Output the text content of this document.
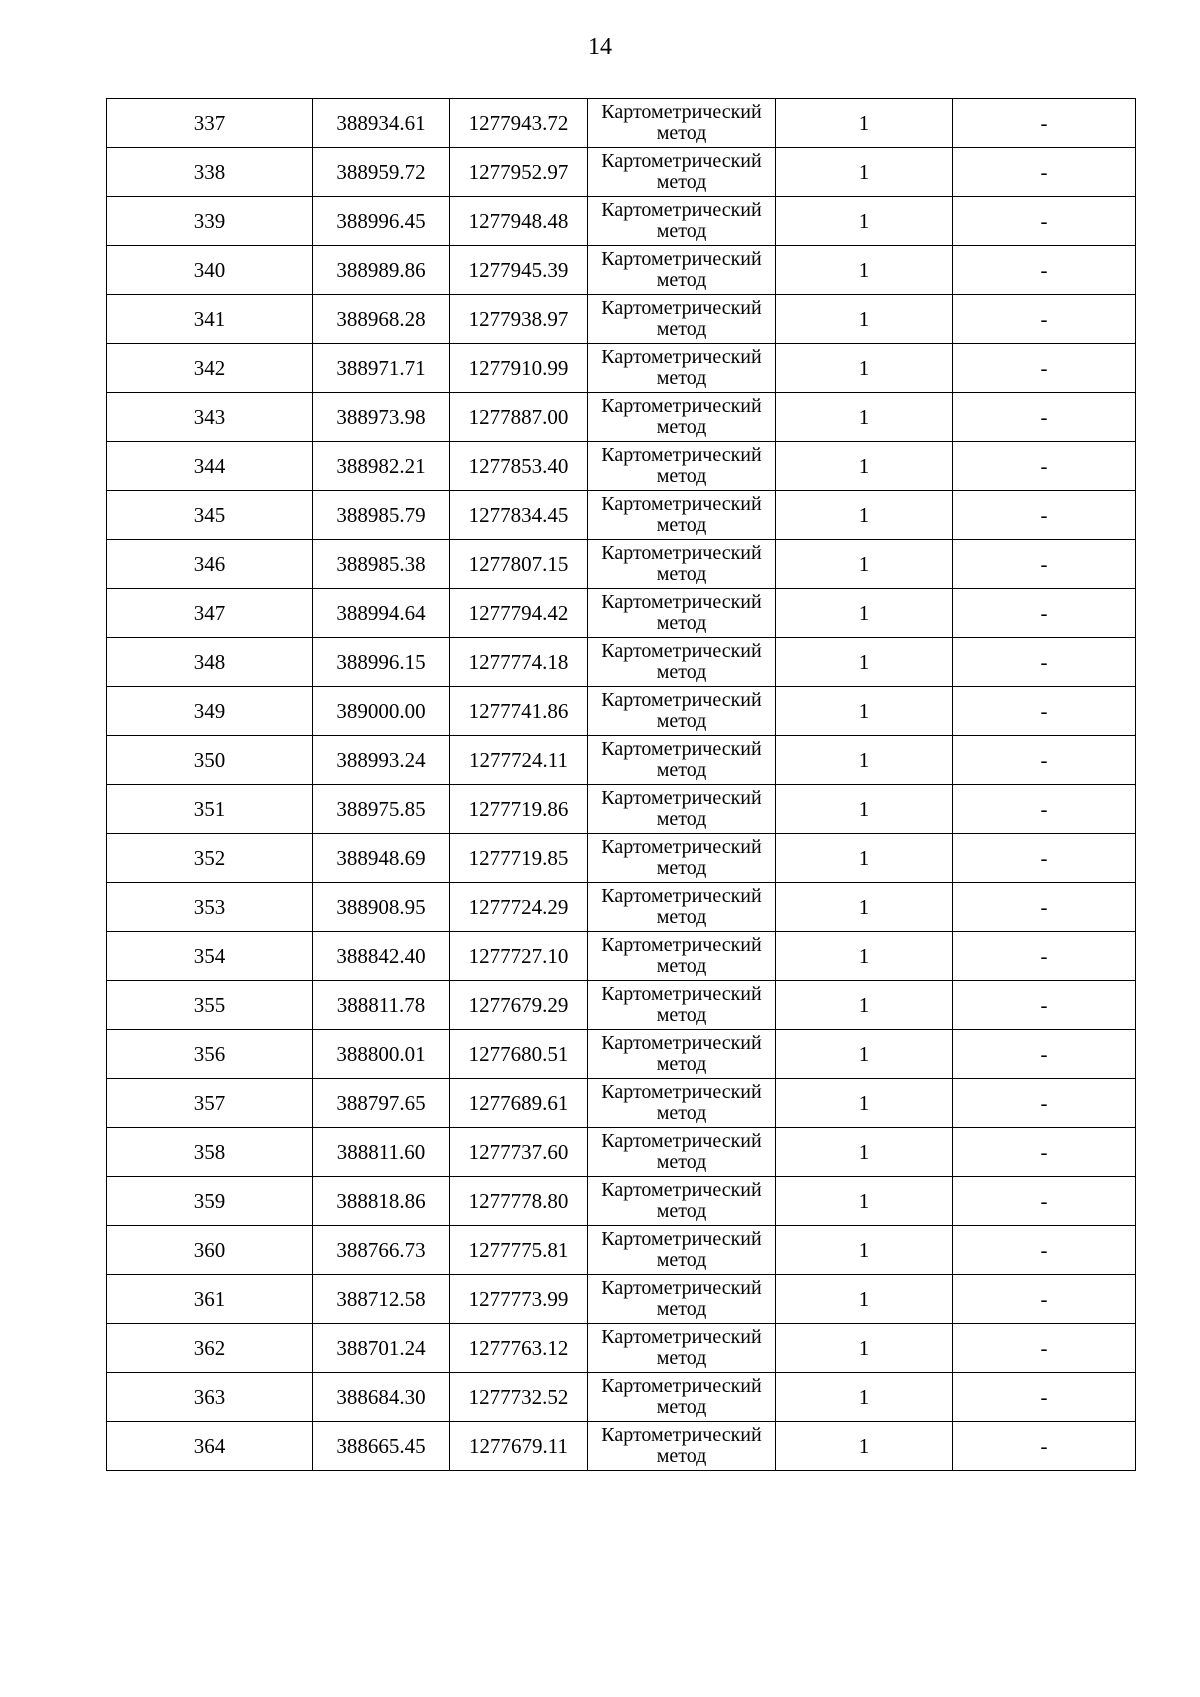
14
337	388934.61	1277943.72	Картометрический
метод	1	-
338	388959.72	1277952.97	Картометрический
метод	1	-
339	388996.45	1277948.48	Картометрический
метод	1	-
340	388989.86	1277945.39	Картометрический
метод	1	-
341	388968.28	1277938.97	Картометрический
метод	1	-
342	388971.71	1277910.99	Картометрический
метод	1	-
343	388973.98	1277887.00	Картометрический
метод	1	-
344	388982.21	1277853.40	Картометрический
метод	1	-
345	388985.79	1277834.45	Картометрический
метод	1	-
346	388985.38	1277807.15	Картометрический
метод	1	-
347	388994.64	1277794.42	Картометрический
метод	1	-
348	388996.15	1277774.18	Картометрический
метод	1	-
349	389000.00	1277741.86	Картометрический
метод	1	-
350	388993.24	1277724.11	Картометрический
метод	1	-
351	388975.85	1277719.86	Картометрический
метод	1	-
352	388948.69	1277719.85	Картометрический
метод	1	-
353	388908.95	1277724.29	Картометрический
метод	1	-
354	388842.40	1277727.10	Картометрический
метод	1	-
355	388811.78	1277679.29	Картометрический
метод	1	-
356	388800.01	1277680.51	Картометрический
метод	1	-
357	388797.65	1277689.61	Картометрический
метод	1	-
358	388811.60	1277737.60	Картометрический
метод	1	-
359	388818.86	1277778.80	Картометрический
метод	1	-
360	388766.73	1277775.81	Картометрический
метод	1	-
361	388712.58	1277773.99	Картометрический
метод	1	-
362	388701.24	1277763.12	Картометрический
метод	1	-
363	388684.30	1277732.52	Картометрический
метод	1	-
364	388665.45	1277679.11	Картометрический
метод	1	-
